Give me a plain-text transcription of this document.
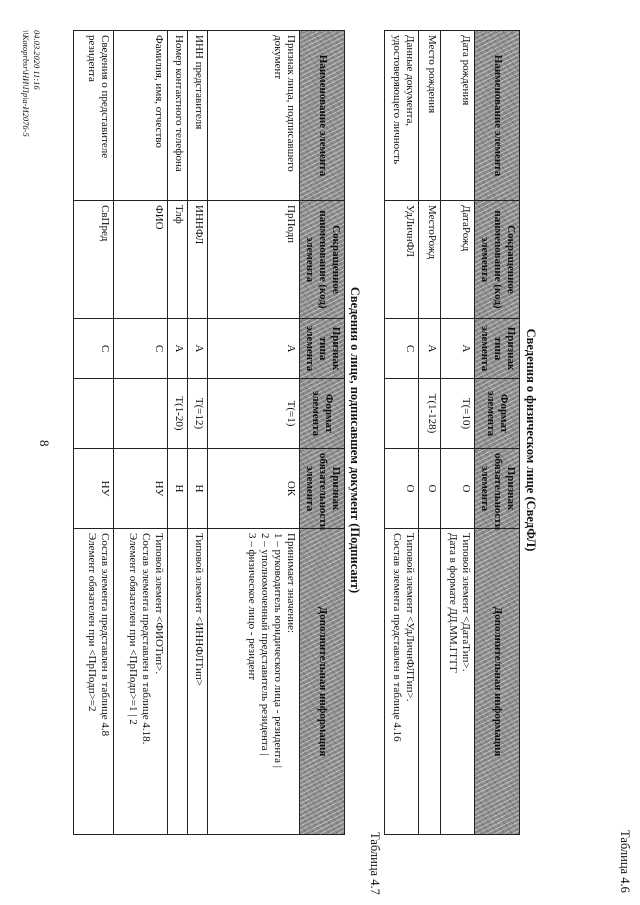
8
Таблица 4.6
Сведения о физическом лице (СведФЛ)
Наименование элемента	Сокращенное наименование (код) элемента	Признак типа элемента	Формат элемента	Признак обязательности элемента	Дополнительная информация
Дата рождения	ДатаРожд	A	T(=10)	O	Типовой элемент <ДатаТип>.
Дата в формате ДД.ММ.ГГГГ
Место рождения	МестоРожд	A	T(1-128)	O	
Данные документа, удостоверяющего личность	УдЛичнФЛ	C		O	Типовой элемент <УдЛичнФЛТип>.
Состав элемента представлен в таблице 4.16
Таблица 4.7
Сведения о лице, подписавшем документ (Подписант)
Наименование элемента	Сокращенное наименование (код) элемента	Признак типа элемента	Формат элемента	Признак обязательности элемента	Дополнительная информация
Признак лица, подписавшего документ	ПрПодп	A	T(=1)	ОК	Принимает значение:
1 – руководитель юридического лица - резидента |
2 – уполномоченный представитель резидента |
3 – физическое лицо - резидент
ИНН представителя	ИННФЛ	A	T(=12)	Н	Типовой элемент <ИННФЛТип>
Номер контактного телефона	Тлф	A	T(1-20)	Н	
Фамилия, имя, отчество	ФИО	C		НУ	Типовой элемент <ФИОТип>.
Состав элемента представлен в таблице 4.18.
Элемент обязателен при <ПрПодп>=1 | 2
Сведения о представителе резидента	СвПред	C		НУ	Состав элемента представлен в таблице 4.8
Элемент обязателен при <ПрПодп>=2
04.03.2020 11:16
\\Kotoprbsr\НИ\Пр\а-И2076-5
